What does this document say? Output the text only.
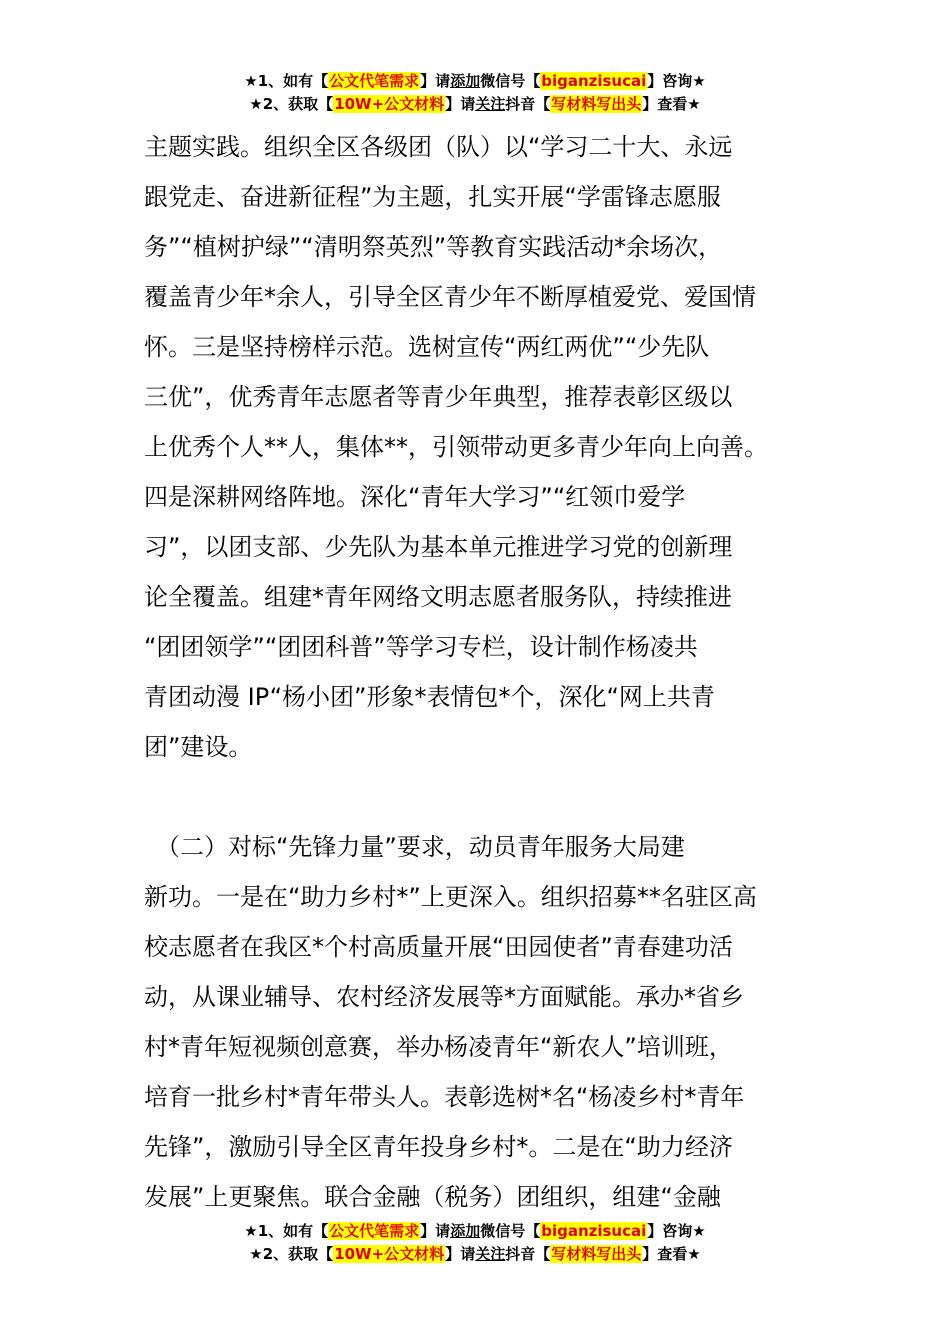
★1、如有【公文代笔需求】请添加微信号【biganzisucai】咨询★
★2、获取【10W+公文材料】请关注抖音【写材料写出头】查看★
主题实践。组织全区各级团（队）以“学习二十大、永远
跟党走、奋进新征程”为主题，扎实开展“学雷锋志愿服
务”“植树护绿”“清明祭英烈”等教育实践活动*余场次，
覆盖青少年*余人，引导全区青少年不断厚植爱党、爱国情
怀。三是坚持榜样示范。选树宣传“两红两优”“少先队
三优”，优秀青年志愿者等青少年典型，推荐表彰区级以
上优秀个人**人，集体**，引领带动更多青少年向上向善。
四是深耕网络阵地。深化“青年大学习”“红领巾爱学
习”，以团支部、少先队为基本单元推进学习党的创新理
论全覆盖。组建*青年网络文明志愿者服务队，持续推进
“团团领学”“团团科普”等学习专栏，设计制作杨凌共
青团动漫 IP“杨小团”形象*表情包*个，深化“网上共青
团”建设。
　（二）对标“先锋力量”要求，动员青年服务大局建
新功。一是在“助力乡村*”上更深入。组织招募**名驻区高
校志愿者在我区*个村高质量开展“田园使者”青春建功活
动，从课业辅导、农村经济发展等*方面赋能。承办*省乡
村*青年短视频创意赛，举办杨凌青年“新农人”培训班，
培育一批乡村*青年带头人。表彰选树*名“杨凌乡村*青年
先锋”，激励引导全区青年投身乡村*。二是在“助力经济
发展”上更聚焦。联合金融（税务）团组织，组建“金融
★1、如有【公文代笔需求】请添加微信号【biganzisucai】咨询★
★2、获取【10W+公文材料】请关注抖音【写材料写出头】查看★
